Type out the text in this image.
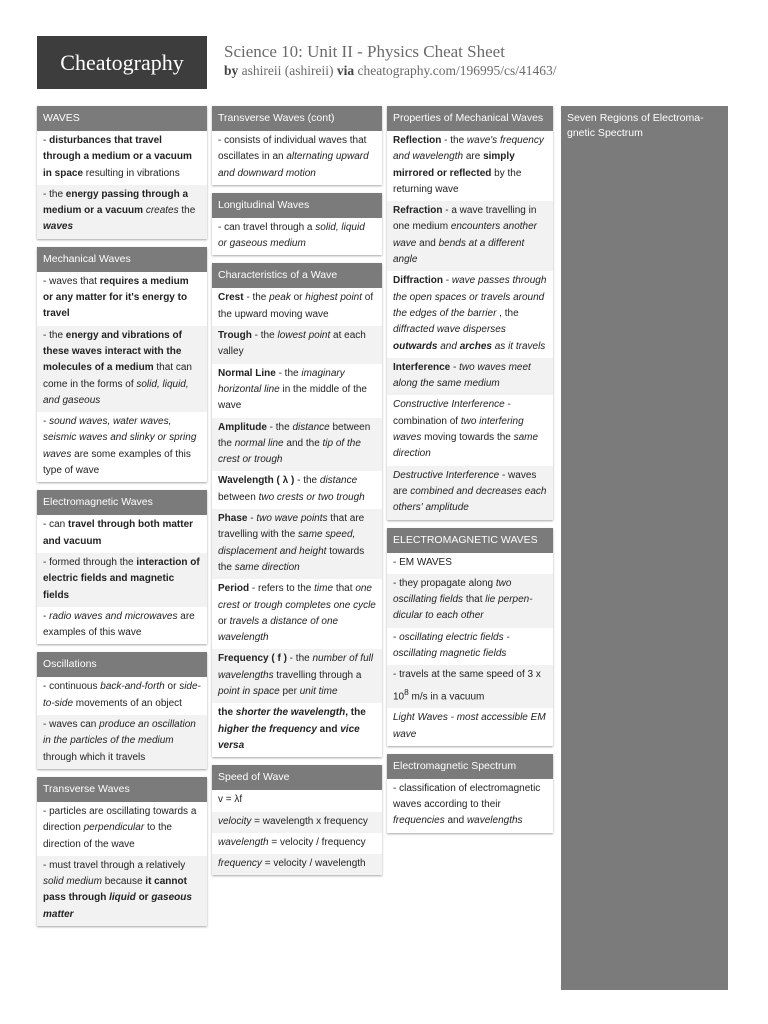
Cheatography	Science 10: Unit II - Physics Cheat Sheet
by ashireii (ashireii) via cheatography.com/196995/cs/41463/
WAVES
- disturbances that travel through a medium or a vacuum in space resulting in vibrations
- the energy passing through a medium or a vacuum creates the waves
Mechanical Waves
- waves that requires a medium or any matter for it's energy to travel
- the energy and vibrations of these waves interact with the molecules of a medium that can come in the forms of solid, liquid, and gaseous
- sound waves, water waves, seismic waves and slinky or spring waves are some examples of this type of wave
Electromagnetic Waves
- can travel through both matter and vacuum
- formed through the interaction of electric fields and magnetic fields
- radio waves and microwaves are examples of this wave
Oscillations
- continuous back-and-forth or side-to-side movements of an object
- waves can produce an oscillation in the particles of the medium through which it travels
Transverse Waves
- particles are oscillating towards a direction perpendicular to the direction of the wave
- must travel through a relatively solid medium because it cannot pass through liquid or gaseous matter
Transverse Waves (cont)
- consists of individual waves that oscillates in an alternating upward and downward motion
Longitudinal Waves
- can travel through a solid, liquid or gaseous medium
Characteristics of a Wave
Crest - the peak or highest point of the upward moving wave
Trough - the lowest point at each valley
Normal Line - the imaginary horizontal line in the middle of the wave
Amplitude - the distance between the normal line and the tip of the crest or trough
Wavelength ( λ ) - the distance between two crests or two trough
Phase - two wave points that are travelling with the same speed, displacement and height towards the same direction
Period - refers to the time that one crest or trough completes one cycle or travels a distance of one wavelength
Frequency ( f ) - the number of full wavelengths travelling through a point in space per unit time
the shorter the wavelength, the higher the frequency and vice versa
Speed of Wave
v = λf
velocity = wavelength x frequency
wavelength = velocity / frequency
frequency = velocity / wavelength
Properties of Mechanical Waves
Reflection - the wave's frequency and wavelength are simply mirrored or reflected by the returning wave
Refraction - a wave travelling in one medium encounters another wave and bends at a different angle
Diffraction - wave passes through the open spaces or travels around the edges of the barrier , the diffracted wave disperses outwards and arches as it travels
Interference - two waves meet along the same medium
Constructive Interference - combination of two interfering waves moving towards the same direction
Destructive Interference - waves are combined and decreases each others' amplitude
ELECTROMAGNETIC WAVES
- EM WAVES
- they propagate along two oscillating fields that lie perpendicular to each other
- oscillating electric fields - oscillating magnetic fields
- travels at the same speed of 3 x $10^8$ m/s in a vacuum
Light Waves - most accessible EM wave
Electromagnetic Spectrum
- classification of electromagnetic waves according to their frequencies and wavelengths
Seven Regions of Electromagnetic Spectrum
